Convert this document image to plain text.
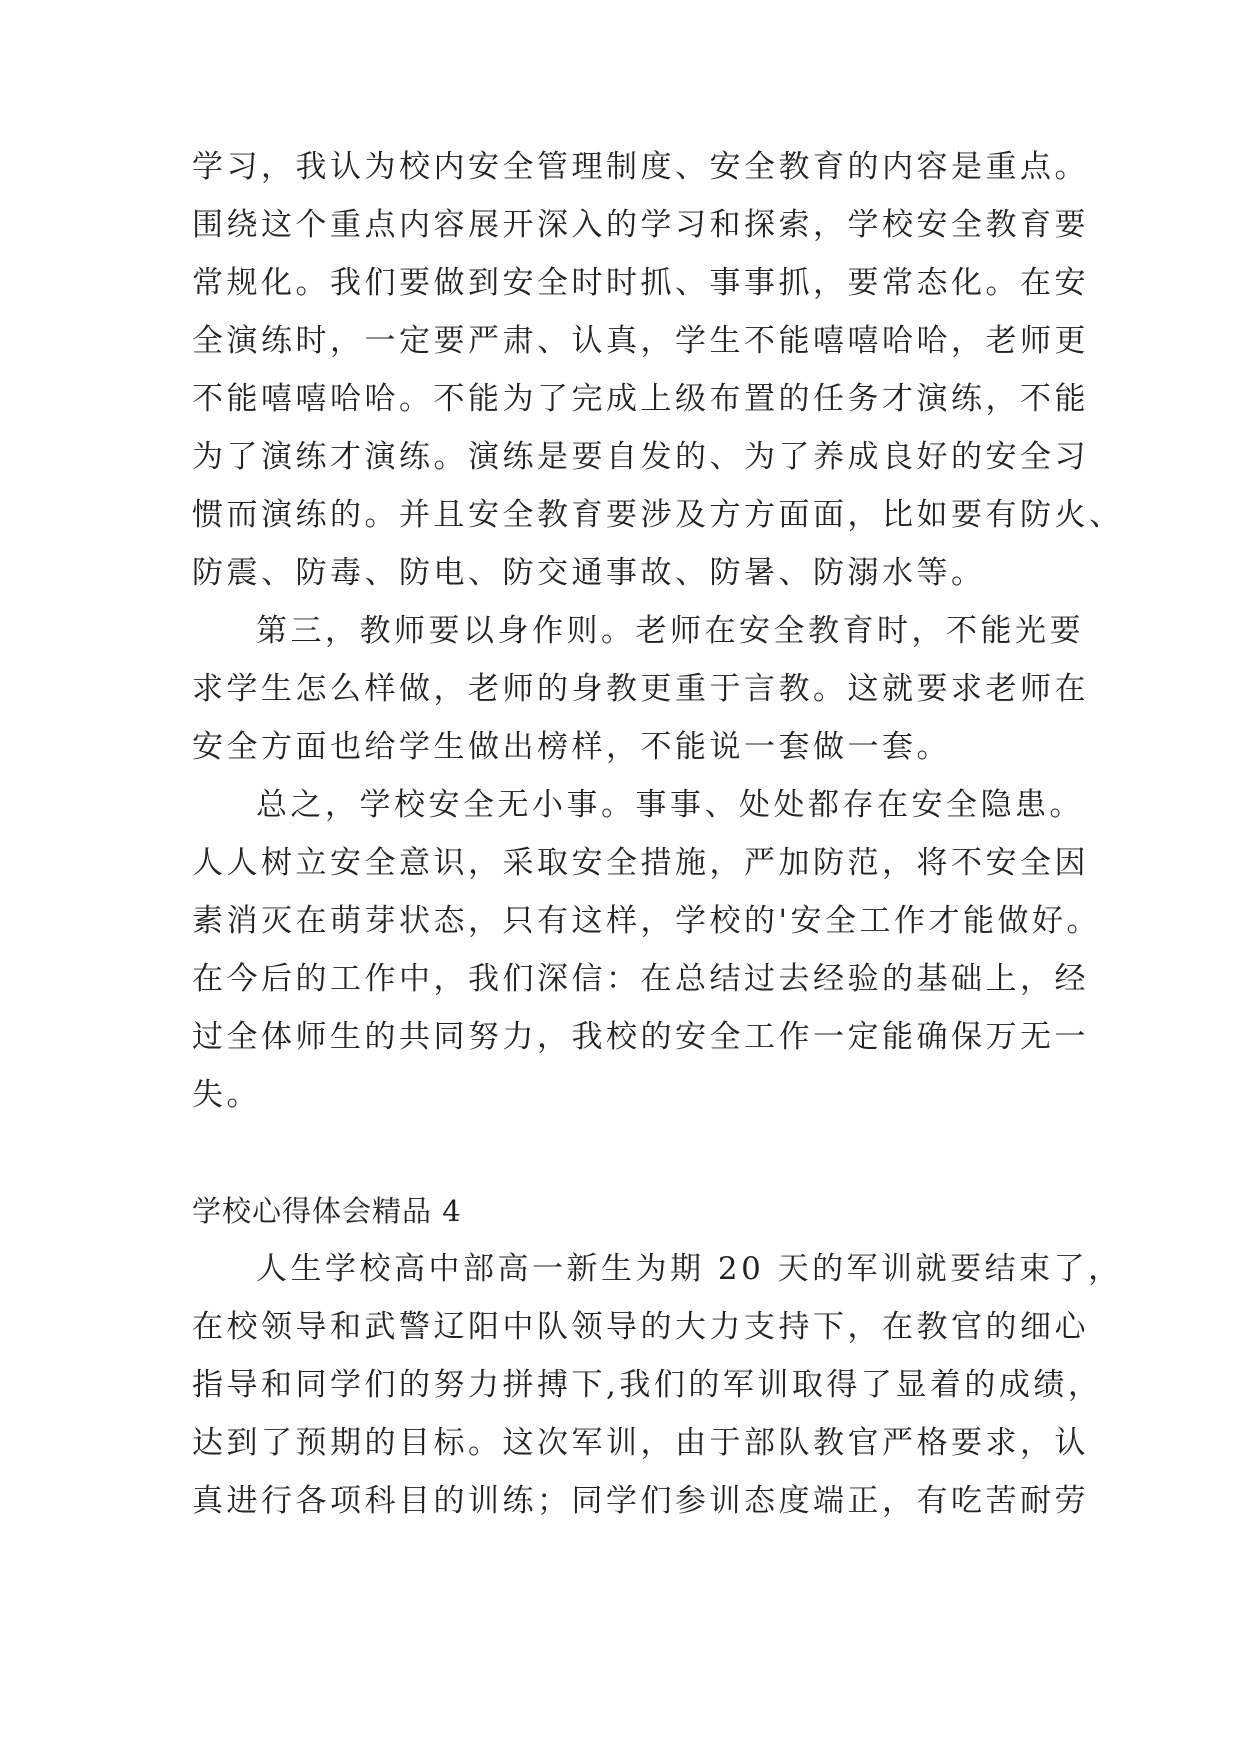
学习，我认为校内安全管理制度、安全教育的内容是重点。
围绕这个重点内容展开深入的学习和探索，学校安全教育要
常规化。我们要做到安全时时抓、事事抓，要常态化。在安
全演练时，一定要严肃、认真，学生不能嘻嘻哈哈，老师更
不能嘻嘻哈哈。不能为了完成上级布置的任务才演练，不能
为了演练才演练。演练是要自发的、为了养成良好的安全习
惯而演练的。并且安全教育要涉及方方面面，比如要有防火、
防震、防毒、防电、防交通事故、防暑、防溺水等。
第三，教师要以身作则。老师在安全教育时，不能光要
求学生怎么样做，老师的身教更重于言教。这就要求老师在
安全方面也给学生做出榜样，不能说一套做一套。
总之，学校安全无小事。事事、处处都存在安全隐患。
人人树立安全意识，采取安全措施，严加防范，将不安全因
素消灭在萌芽状态，只有这样，学校的'安全工作才能做好。
在今后的工作中，我们深信：在总结过去经验的基础上，经
过全体师生的共同努力，我校的安全工作一定能确保万无一
失。
学校心得体会精品 4
人生学校高中部高一新生为期 20 天的军训就要结束了，
在校领导和武警辽阳中队领导的大力支持下，在教官的细心
指导和同学们的努力拼搏下,我们的军训取得了显着的成绩，
达到了预期的目标。这次军训，由于部队教官严格要求，认
真进行各项科目的训练；同学们参训态度端正，有吃苦耐劳
